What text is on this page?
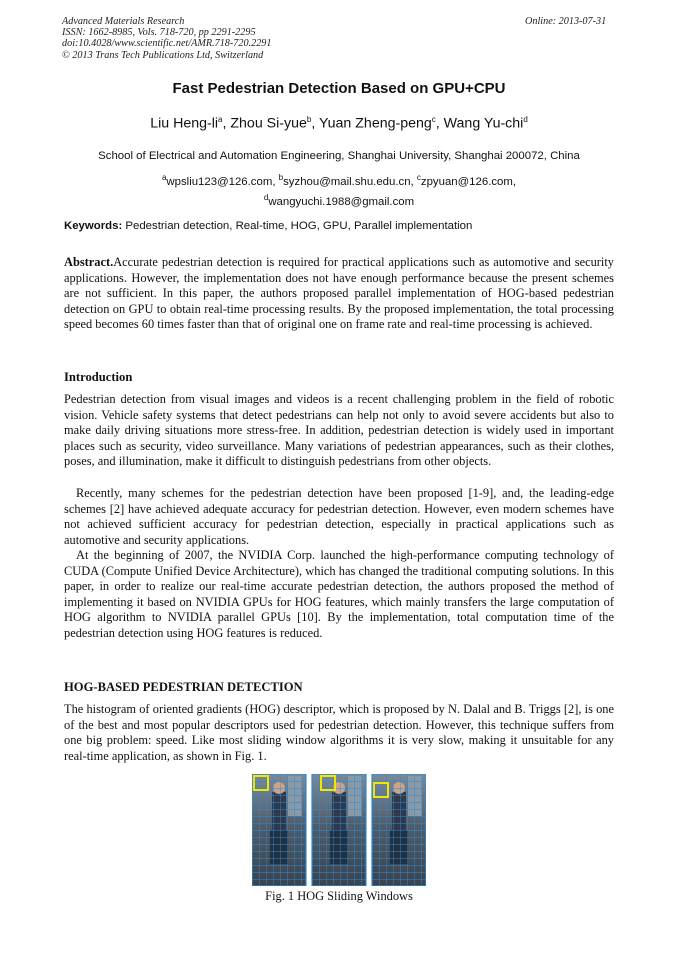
Advanced Materials Research
ISSN: 1662-8985, Vols. 718-720, pp 2291-2295
doi:10.4028/www.scientific.net/AMR.718-720.2291
© 2013 Trans Tech Publications Ltd, Switzerland
Online: 2013-07-31
Fast Pedestrian Detection Based on GPU+CPU
Liu Heng-$li^a$, Zhou Si-yue$^b$, Yuan Zheng-peng$^c$, Wang Yu-chi$^d$
School of Electrical and Automation Engineering, Shanghai University, Shanghai 200072, China
$^a$wpsliu123@126.com, $^b$syzhou@mail.shu.edu.cn, $^c$zpyuan@126.com,
$^d$wangyuchi.1988@gmail.com
Keywords: Pedestrian detection, Real-time, HOG, GPU, Parallel implementation

Abstract.Accurate pedestrian detection is required for practical applications such as automotive and security applications. However, the implementation does not have enough performance because the present schemes are not sufficient. In this paper, the authors proposed parallel implementation of HOG-based pedestrian detection on GPU to obtain real-time processing results. By the proposed implementation, the total processing speed becomes 60 times faster than that of original one on frame rate and real-time processing is achieved.

Introduction

Pedestrian detection from visual images and videos is a recent challenging problem in the field of robotic vision. Vehicle safety systems that detect pedestrians can help not only to avoid severe accidents but also to make daily driving situations more stress-free. In addition, pedestrian detection is widely used in important places such as security, video surveillance. Many variations of pedestrian appearances, such as their clothes, poses, and illumination, make it difficult to distinguish pedestrians from other objects.

Recently, many schemes for the pedestrian detection have been proposed [1-9], and, the leading-edge schemes [2] have achieved adequate accuracy for pedestrian detection. However, even modern schemes have not achieved sufficient accuracy for pedestrian detection, especially in practical applications such as automotive and security applications.

At the beginning of 2007, the NVIDIA Corp. launched the high-performance computing technology of CUDA (Compute Unified Device Architecture), which has changed the traditional computing solutions. In this paper, in order to realize our real-time accurate pedestrian detection, the authors proposed the method of implementing it based on NVIDIA GPUs for HOG features, which mainly transfers the large computation of HOG algorithm to NVIDIA parallel GPUs [10]. By the implementation, total computation time of the pedestrian detection using HOG features is reduced.

HOG-BASED PEDESTRIAN DETECTION

The histogram of oriented gradients (HOG) descriptor, which is proposed by N. Dalal and B. Triggs [2], is one of the best and most popular descriptors used for pedestrian detection. However, this technique suffers from one big problem: speed. Like most sliding window algorithms it is very slow, making it unsuitable for any real-time application, as shown in Fig. 1.

Fig. 1 HOG Sliding Windows
